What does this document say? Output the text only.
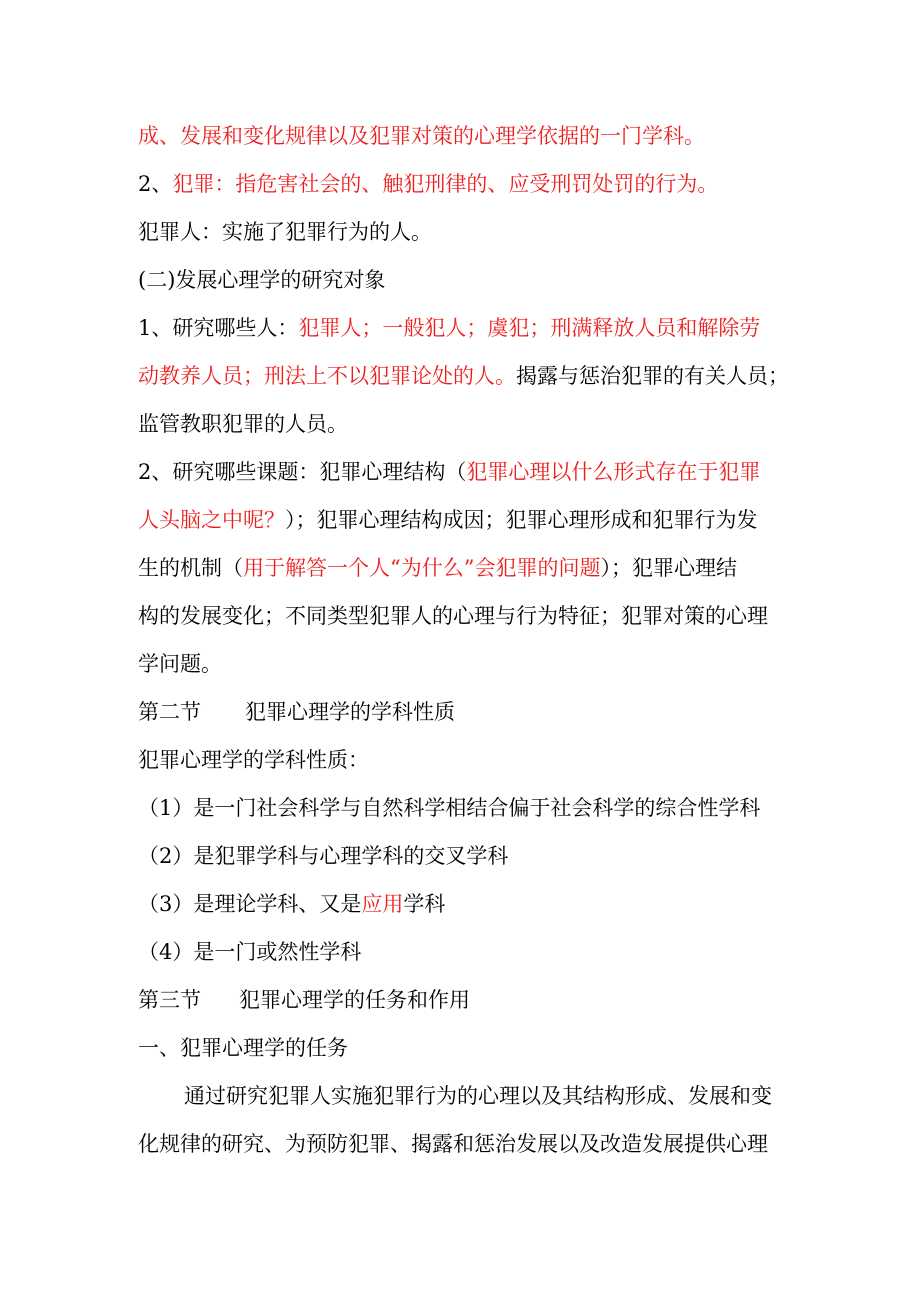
成、发展和变化规律以及犯罪对策的心理学依据的一门学科。
2、犯罪：指危害社会的、触犯刑律的、应受刑罚处罚的行为。
犯罪人：实施了犯罪行为的人。
(二)发展心理学的研究对象
1、研究哪些人：犯罪人；一般犯人；虞犯；刑满释放人员和解除劳
动教养人员；刑法上不以犯罪论处的人。揭露与惩治犯罪的有关人员；
监管教职犯罪的人员。
2、研究哪些课题：犯罪心理结构（犯罪心理以什么形式存在于犯罪
人头脑之中呢？）；犯罪心理结构成因；犯罪心理形成和犯罪行为发
生的机制（用于解答一个人“为什么”会犯罪的问题）；犯罪心理结
构的发展变化；不同类型犯罪人的心理与行为特征；犯罪对策的心理
学问题。
第二节 犯罪心理学的学科性质
犯罪心理学的学科性质：
（1）是一门社会科学与自然科学相结合偏于社会科学的综合性学科
（2）是犯罪学科与心理学科的交叉学科
（3）是理论学科、又是应用学科
（4）是一门或然性学科
第三节 犯罪心理学的任务和作用
一、犯罪心理学的任务
通过研究犯罪人实施犯罪行为的心理以及其结构形成、发展和变
化规律的研究、为预防犯罪、揭露和惩治发展以及改造发展提供心理
